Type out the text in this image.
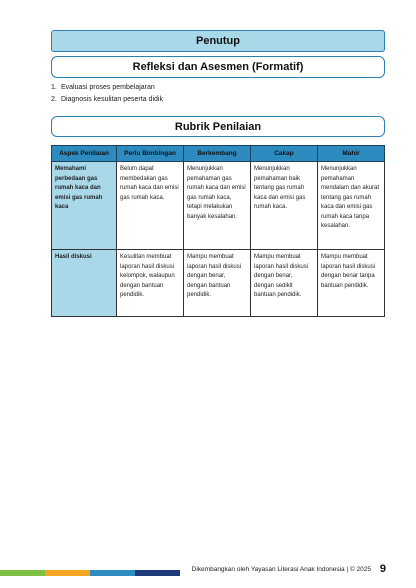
Penutup
Refleksi dan Asesmen (Formatif)
1. Evaluasi proses pembelajaran
2. Diagnosis kesulitan peserta didik
Rubrik Penilaian
Aspek Penilaian	Perlu Bimbingan	Berkembang	Cakap	Mahir
Memahami perbedaan gas rumah kaca dan emisi gas rumah kaca	Belum dapat membedakan gas rumah kaca dan emisi gas rumah kaca.	Menunjukkan pemahaman gas rumah kaca dan emisi gas rumah kaca, tetapi melakukan banyak kesalahan.	Menunjukkan pemahaman baik tentang gas rumah kaca dan emisi gas rumah kaca.	Menunjukkan pemahaman mendalam dan akurat tentang gas rumah kaca dan emisi gas rumah kaca tanpa kesalahan.
Hasil diskusi	Kesulitan membuat laporan hasil diskusi kelompok, walaupun dengan bantuan pendidik.	Mampu membuat laporan hasil diskusi dengan benar, dengan bantuan pendidik.	Mampu membuat laporan hasil diskusi dengan benar, dengan sedikit bantuan pendidik.	Mampu membuat laporan hasil diskusi dengan benar tanpa bantuan pendidik.
Dikembangkan oleh Yayasan Literasi Anak Indonesia | © 2025 9
